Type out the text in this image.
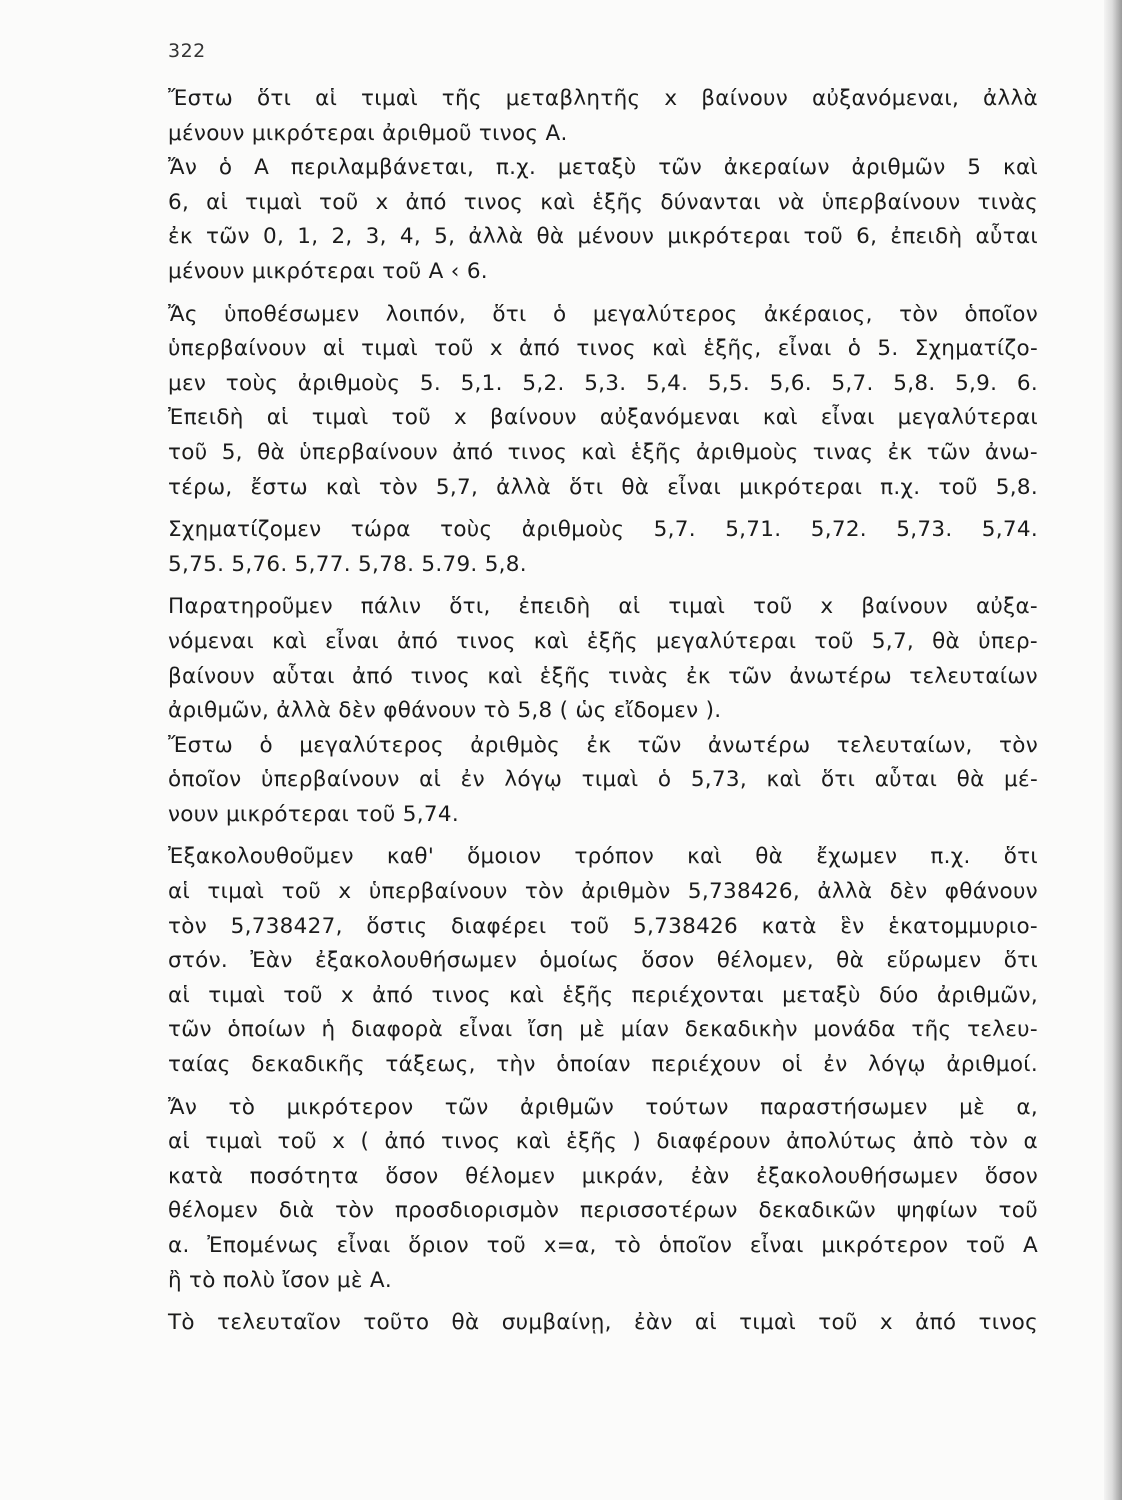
322
Ἔστω ὅτι αἱ τιμαὶ τῆς μεταβλητῆς x βαίνουν αὐξανόμεναι, ἀλλὰ
μένουν μικρότεραι ἀριθμοῦ τινος Α.
Ἄν ὁ Α περιλαμβάνεται, π.χ. μεταξὺ τῶν ἀκεραίων ἀριθμῶν 5 καὶ
6, αἱ τιμαὶ τοῦ x ἀπό τινος καὶ ἑξῆς δύνανται νὰ ὑπερβαίνουν τινὰς
ἐκ τῶν 0, 1, 2, 3, 4, 5, ἀλλὰ θὰ μένουν μικρότεραι τοῦ 6, ἐπειδὴ αὗται
μένουν μικρότεραι τοῦ Α ‹ 6.
Ἄς ὑποθέσωμεν λοιπόν, ὅτι ὁ μεγαλύτερος ἀκέραιος, τὸν ὁποῖον
ὑπερβαίνουν αἱ τιμαὶ τοῦ x ἀπό τινος καὶ ἑξῆς, εἶναι ὁ 5. Σχηματίζο-
μεν τοὺς ἀριθμοὺς 5. 5,1. 5,2. 5,3. 5,4. 5,5. 5,6. 5,7. 5,8. 5,9. 6.
Ἐπειδὴ αἱ τιμαὶ τοῦ x βαίνουν αὐξανόμεναι καὶ εἶναι μεγαλύτεραι
τοῦ 5, θὰ ὑπερβαίνουν ἀπό τινος καὶ ἑξῆς ἀριθμοὺς τινας ἐκ τῶν ἀνω-
τέρω, ἔστω καὶ τὸν 5,7, ἀλλὰ ὅτι θὰ εἶναι μικρότεραι π.χ. τοῦ 5,8.
Σχηματίζομεν τώρα τοὺς ἀριθμοὺς 5,7. 5,71. 5,72. 5,73. 5,74.
5,75. 5,76. 5,77. 5,78. 5.79. 5,8.
Παρατηροῦμεν πάλιν ὅτι, ἐπειδὴ αἱ τιμαὶ τοῦ x βαίνουν αὐξα-
νόμεναι καὶ εἶναι ἀπό τινος καὶ ἑξῆς μεγαλύτεραι τοῦ 5,7, θὰ ὑπερ-
βαίνουν αὗται ἀπό τινος καὶ ἑξῆς τινὰς ἐκ τῶν ἀνωτέρω τελευταίων
ἀριθμῶν, ἀλλὰ δὲν φθάνουν τὸ 5,8 ( ὡς εἴδομεν ).
Ἔστω ὁ μεγαλύτερος ἀριθμὸς ἐκ τῶν ἀνωτέρω τελευταίων, τὸν
ὁποῖον ὑπερβαίνουν αἱ ἐν λόγῳ τιμαὶ ὁ 5,73, καὶ ὅτι αὗται θὰ μέ-
νουν μικρότεραι τοῦ 5,74.
Ἐξακολουθοῦμεν καθ' ὅμοιον τρόπον καὶ θὰ ἔχωμεν π.χ. ὅτι
αἱ τιμαὶ τοῦ x ὑπερβαίνουν τὸν ἀριθμὸν 5,738426, ἀλλὰ δὲν φθάνουν
τὸν 5,738427, ὅστις διαφέρει τοῦ 5,738426 κατὰ ἓν ἑκατομμυριο-
στόν. Ἐὰν ἐξακολουθήσωμεν ὁμοίως ὅσον θέλομεν, θὰ εὕρωμεν ὅτι
αἱ τιμαὶ τοῦ x ἀπό τινος καὶ ἑξῆς περιέχονται μεταξὺ δύο ἀριθμῶν,
τῶν ὁποίων ἡ διαφορὰ εἶναι ἴση μὲ μίαν δεκαδικὴν μονάδα τῆς τελευ-
ταίας δεκαδικῆς τάξεως, τὴν ὁποίαν περιέχουν οἱ ἐν λόγῳ ἀριθμοί.
Ἄν τὸ μικρότερον τῶν ἀριθμῶν τούτων παραστήσωμεν μὲ α,
αἱ τιμαὶ τοῦ x ( ἀπό τινος καὶ ἑξῆς ) διαφέρουν ἀπολύτως ἀπὸ τὸν α
κατὰ ποσότητα ὅσον θέλομεν μικράν, ἐὰν ἐξακολουθήσωμεν ὅσον
θέλομεν διὰ τὸν προσδιορισμὸν περισσοτέρων δεκαδικῶν ψηφίων τοῦ
α. Ἐπομένως εἶναι ὅριον τοῦ x=α, τὸ ὁποῖον εἶναι μικρότερον τοῦ Α
ἢ τὸ πολὺ ἴσον μὲ Α.
Τὸ τελευταῖον τοῦτο θὰ συμβαίνῃ, ἐὰν αἱ τιμαὶ τοῦ x ἀπό τινος
